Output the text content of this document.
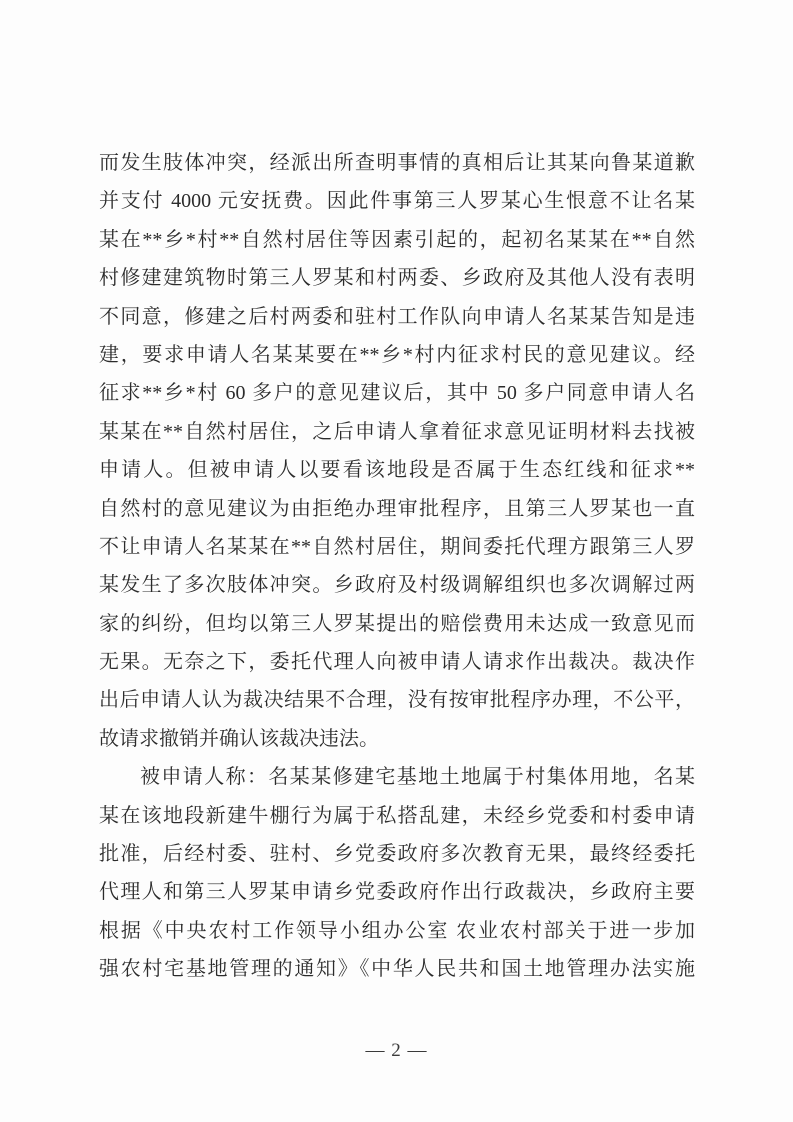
而发生肢体冲突，经派出所查明事情的真相后让其某向鲁某道歉
并支付 4000 元安抚费。因此件事第三人罗某心生恨意不让名某
某在**乡*村**自然村居住等因素引起的，起初名某某在**自然
村修建建筑物时第三人罗某和村两委、乡政府及其他人没有表明
不同意，修建之后村两委和驻村工作队向申请人名某某告知是违
建，要求申请人名某某要在**乡*村内征求村民的意见建议。经
征求**乡*村 60 多户的意见建议后，其中 50 多户同意申请人名
某某在**自然村居住，之后申请人拿着征求意见证明材料去找被
申请人。但被申请人以要看该地段是否属于生态红线和征求**
自然村的意见建议为由拒绝办理审批程序，且第三人罗某也一直
不让申请人名某某在**自然村居住，期间委托代理方跟第三人罗
某发生了多次肢体冲突。乡政府及村级调解组织也多次调解过两
家的纠纷，但均以第三人罗某提出的赔偿费用未达成一致意见而
无果。无奈之下，委托代理人向被申请人请求作出裁决。裁决作
出后申请人认为裁决结果不合理，没有按审批程序办理，不公平，
故请求撤销并确认该裁决违法。
被申请人称：名某某修建宅基地土地属于村集体用地，名某
某在该地段新建牛棚行为属于私搭乱建，未经乡党委和村委申请
批准，后经村委、驻村、乡党委政府多次教育无果，最终经委托
代理人和第三人罗某申请乡党委政府作出行政裁决，乡政府主要
根据《中央农村工作领导小组办公室 农业农村部关于进一步加
强农村宅基地管理的通知》《中华人民共和国土地管理办法实施
— 2 —
